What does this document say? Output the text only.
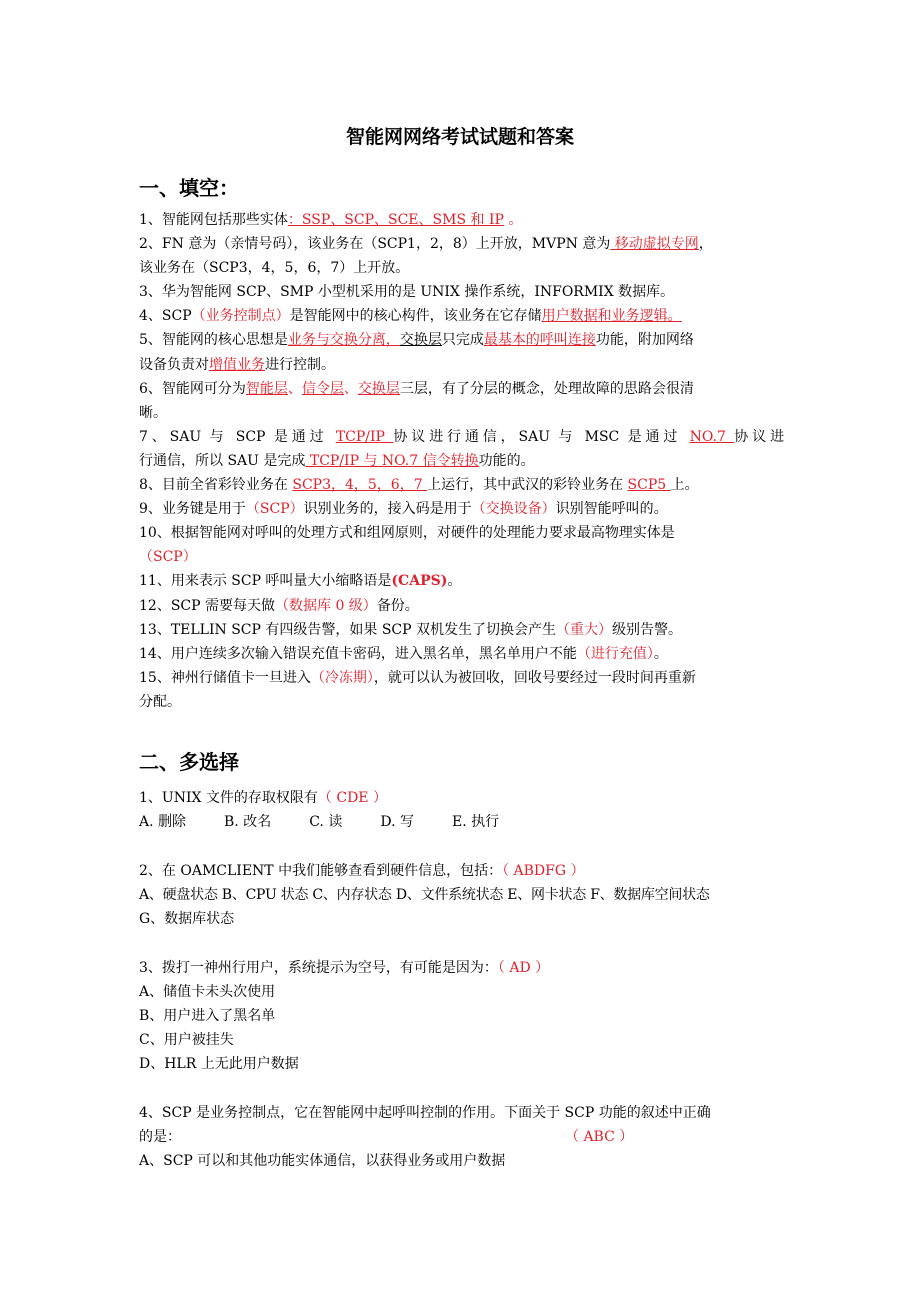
智能网网络考试试题和答案
一、填空：
1、智能网包括那些实体：SSP、SCP、SCE、SMS 和 IP 。
2、FN 意为（亲情号码），该业务在（SCP1，2，8）上开放，MVPN 意为 移动虚拟专网，
该业务在（SCP3，4，5，6，7）上开放。
3、华为智能网 SCP、SMP 小型机采用的是 UNIX 操作系统，INFORMIX 数据库。
4、SCP（业务控制点）是智能网中的核心构件，该业务在它存储用户数据和业务逻辑。
5、智能网的核心思想是业务与交换分离，交换层只完成最基本的呼叫连接功能，附加网络
设备负责对增值业务进行控制。
6、智能网可分为智能层、信令层、交换层三层，有了分层的概念，处理故障的思路会很清
晰。
7、SAU 与 SCP 是通过 TCP/IP 协议进行通信，SAU 与 MSC 是通过 NO.7 协议进
行通信，所以 SAU 是完成 TCP/IP 与 NO.7 信令转换功能的。
8、目前全省彩铃业务在 SCP3，4，5，6，7 上运行，其中武汉的彩铃业务在 SCP5 上。
9、业务键是用于（SCP）识别业务的，接入码是用于（交换设备）识别智能呼叫的。
10、根据智能网对呼叫的处理方式和组网原则，对硬件的处理能力要求最高物理实体是
（SCP）
11、用来表示 SCP 呼叫量大小缩略语是(CAPS)。
12、SCP 需要每天做（数据库 0 级）备份。
13、TELLIN SCP 有四级告警，如果 SCP 双机发生了切换会产生（重大）级别告警。
14、用户连续多次输入错误充值卡密码，进入黑名单，黑名单用户不能（进行充值）。
15、神州行储值卡一旦进入（冷冻期），就可以认为被回收，回收号要经过一段时间再重新
分配。
二、多选择
1、UNIX 文件的存取权限有（ CDE ）
A. 删除	B. 改名	C. 读	D. 写	E. 执行
2、在 OAMCLIENT 中我们能够查看到硬件信息，包括：（ ABDFG ）
A、硬盘状态 B、CPU 状态 C、内存状态 D、文件系统状态 E、网卡状态 F、数据库空间状态
G、数据库状态
3、拨打一神州行用户，系统提示为空号，有可能是因为：（ AD ）
A、储值卡未头次使用
B、用户进入了黑名单
C、用户被挂失
D、HLR 上无此用户数据
4、SCP 是业务控制点，它在智能网中起呼叫控制的作用。下面关于 SCP 功能的叙述中正确
的是：	（ ABC ）
A、SCP 可以和其他功能实体通信，以获得业务或用户数据
